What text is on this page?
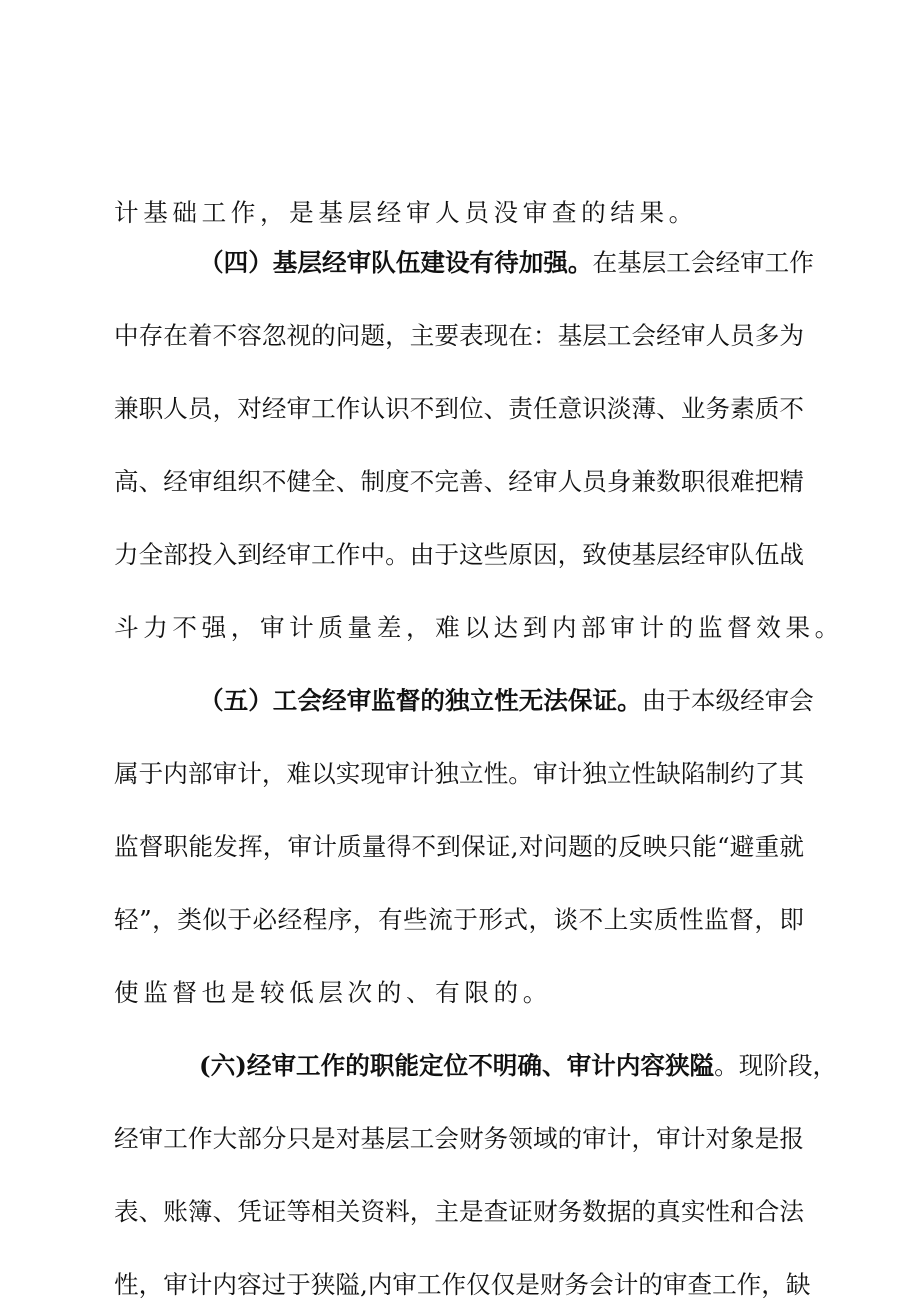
计基础工作，是基层经审人员没审查的结果。
（四）基层经审队伍建设有待加强。在基层工会经审工作
中存在着不容忽视的问题，主要表现在：基层工会经审人员多为
兼职人员，对经审工作认识不到位、责任意识淡薄、业务素质不
高、经审组织不健全、制度不完善、经审人员身兼数职很难把精
力全部投入到经审工作中。由于这些原因，致使基层经审队伍战
斗力不强，审计质量差，难以达到内部审计的监督效果。
（五）工会经审监督的独立性无法保证。由于本级经审会
属于内部审计，难以实现审计独立性。审计独立性缺陷制约了其
监督职能发挥，审计质量得不到保证,对问题的反映只能“避重就
轻”，类似于必经程序，有些流于形式，谈不上实质性监督，即
使监督也是较低层次的、有限的。
(六)经审工作的职能定位不明确、审计内容狭隘。现阶段，
经审工作大部分只是对基层工会财务领域的审计，审计对象是报
表、账簿、凭证等相关资料，主是查证财务数据的真实性和合法
性，审计内容过于狭隘,内审工作仅仅是财务会计的审查工作，缺
